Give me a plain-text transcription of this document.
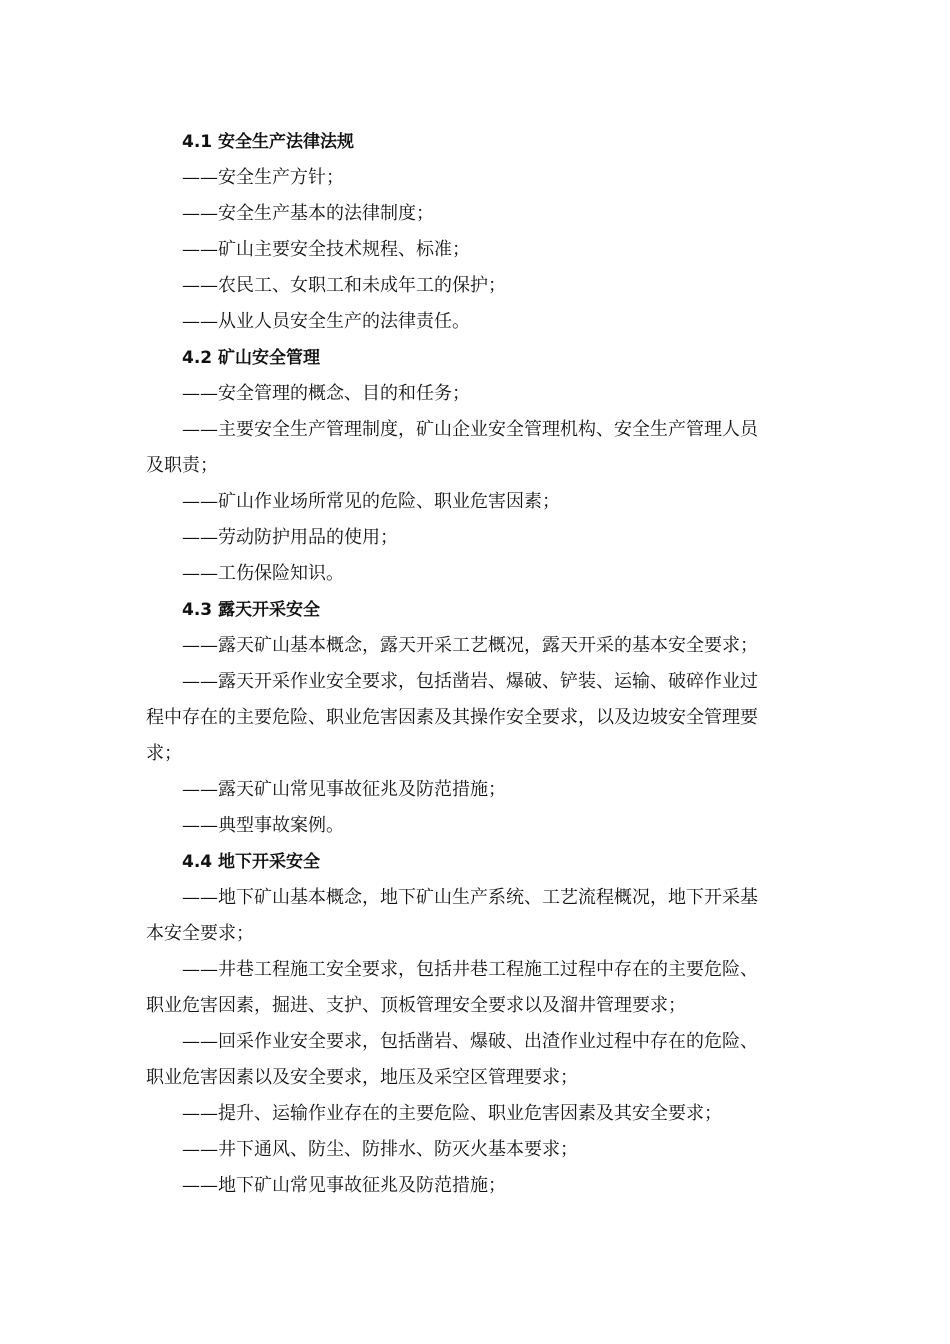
4.1 安全生产法律法规
——安全生产方针；
——安全生产基本的法律制度；
——矿山主要安全技术规程、标准；
——农民工、女职工和未成年工的保护；
——从业人员安全生产的法律责任。
4.2 矿山安全管理
——安全管理的概念、目的和任务；
——主要安全生产管理制度，矿山企业安全管理机构、安全生产管理人员
及职责；
——矿山作业场所常见的危险、职业危害因素；
——劳动防护用品的使用；
——工伤保险知识。
4.3 露天开采安全
——露天矿山基本概念，露天开采工艺概况，露天开采的基本安全要求；
——露天开采作业安全要求，包括凿岩、爆破、铲装、运输、破碎作业过
程中存在的主要危险、职业危害因素及其操作安全要求，以及边坡安全管理要
求；
——露天矿山常见事故征兆及防范措施；
——典型事故案例。
4.4 地下开采安全
——地下矿山基本概念，地下矿山生产系统、工艺流程概况，地下开采基
本安全要求；
——井巷工程施工安全要求，包括井巷工程施工过程中存在的主要危险、
职业危害因素，掘进、支护、顶板管理安全要求以及溜井管理要求；
——回采作业安全要求，包括凿岩、爆破、出渣作业过程中存在的危险、
职业危害因素以及安全要求，地压及采空区管理要求；
——提升、运输作业存在的主要危险、职业危害因素及其安全要求；
——井下通风、防尘、防排水、防灭火基本要求；
——地下矿山常见事故征兆及防范措施；
